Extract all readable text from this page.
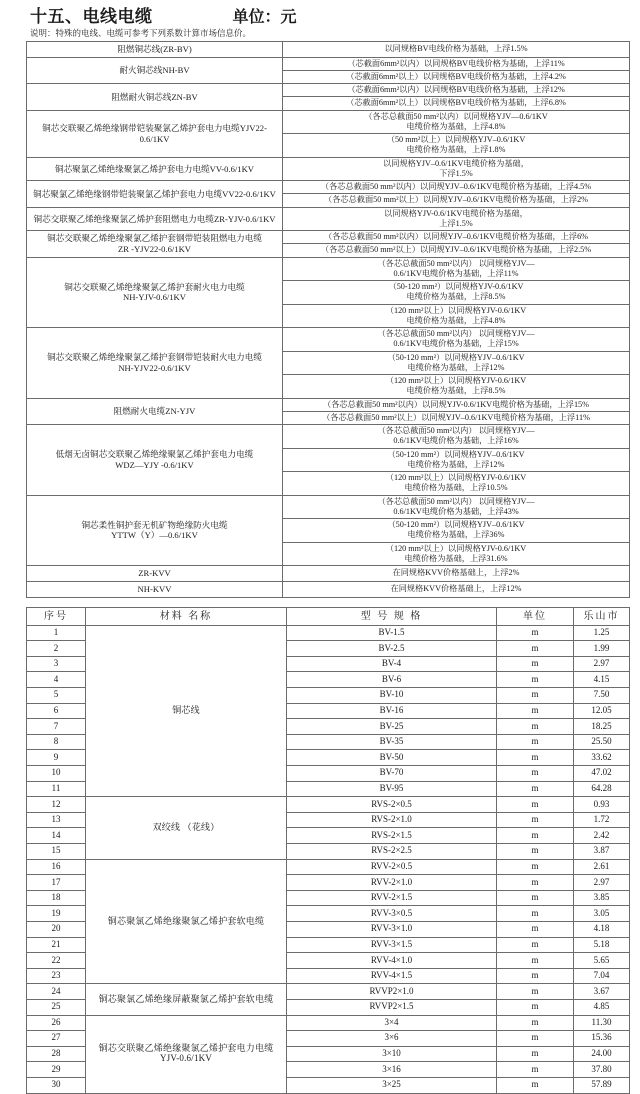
十五、电线电缆	单位：元
说明：特殊的电线、电缆可参考下列系数计算市场信息价。
阻燃铜芯线(ZR-BV)	以同规格BV电线价格为基础，上浮1.5%
耐火铜芯线NH-BV	（芯截面6mm²以内）以同规格BV电线价格为基础，上浮11%
	（芯截面6mm²以上）以同规格BV电线价格为基础，上浮4.2%
阻燃耐火铜芯线ZN-BV	（芯截面6mm²以内）以同规格BV电线价格为基础，上浮12%
	（芯截面6mm²以上）以同规格BV电线价格为基础，上浮6.8%
铜芯交联聚乙烯绝缘钢带铠装聚氯乙烯护套电力电缆YJV22-0.6/1KV	（各芯总截面50 mm²以内）以同规格YJV—0.6/1KV
电缆价格为基础，上浮4.8%
	（50 mm²以上）以同规格YJV–0.6/1KV
电缆价格为基础，上浮1.8%
铜芯聚氯乙烯绝缘聚氯乙烯护套电力电缆VV-0.6/1KV	以同规格YJV–0.6/1KV电缆价格为基础，
下浮1.5%
铜芯聚氯乙烯绝缘钢带铠装聚氯乙烯护套电力电缆VV22-0.6/1KV	（各芯总截面50 mm²以内）以同规YJV–0.6/1KV电缆价格为基础，上浮4.5%
	（各芯总截面50 mm²以上）以同规YJV–0.6/1KV电缆价格为基础，上浮2%
铜芯交联聚乙烯绝缘聚氯乙烯护套阻燃电力电缆ZR-YJV-0.6/1KV	以同规格YJV-0.6/1KV电缆价格为基础，
上浮1.5%
铜芯交联聚乙烯绝缘聚氯乙烯护套钢带铠装阻燃电力电缆
ZR -YJV22-0.6/1KV	（各芯总截面50 mm²以内）以同规YJV–0.6/1KV电缆价格为基础，上浮6%
	（各芯总截面50 mm²以上）以同规YJV–0.6/1KV电缆价格为基础，上浮2.5%
铜芯交联聚乙烯绝缘聚氯乙烯护套耐火电力电缆
NH-YJV-0.6/1KV	（各芯总截面50 mm²以内） 以同规格YJV—
0.6/1KV电缆价格为基础，上浮11%
	（50-120 mm²）以同规格YJV-0.6/1KV
电缆价格为基础，上浮8.5%
	（120 mm²以上）以同规格YJV-0.6/1KV
电缆价格为基础，上浮4.8%
铜芯交联聚乙烯绝缘聚氯乙烯护套钢带铠装耐火电力电缆
NH-YJV22-0.6/1KV	（各芯总截面50 mm²以内） 以同规格YJV—
0.6/1KV电缆价格为基础，上浮15%
	（50-120 mm²）以同规格YJV–0.6/1KV
电缆价格为基础，上浮12%
	（120 mm²以上）以同规格YJV-0.6/1KV
电缆价格为基础，上浮8.5%
阻燃耐火电缆ZN-YJV	（各芯总截面50 mm²以内）以同规YJV-0.6/1KV电缆价格为基础，上浮15%
	（各芯总截面50 mm²以上）以同规YJV–0.6/1KV电缆价格为基础，上浮11%
低烟无卤铜芯交联聚乙烯绝缘聚氯乙烯护套电力电缆
WDZ—YJY -0.6/1KV	（各芯总截面50 mm²以内） 以同规格YJV—
0.6/1KV电缆价格为基础，上浮16%
	（50-120 mm²）以同规格YJV–0.6/1KV
电缆价格为基础，上浮12%
	（120 mm²以上）以同规格YJV-0.6/1KV
电缆价格为基础，上浮10.5%
铜芯柔性铜护套无机矿物绝缘防火电缆
YTTW（Y）—0.6/1KV	（各芯总截面50 mm²以内） 以同规格YJV—
0.6/1KV电缆价格为基础，上浮43%
	（50-120 mm²）以同规格YJV–0.6/1KV
电缆价格为基础，上浮36%
	（120 mm²以上）以同规格YJV-0.6/1KV
电缆价格为基础，上浮31.6%
ZR-KVV	在同规格KVV价格基础上，上浮2%
NH-KVV	在同规格KVV价格基础上，上浮12%
序号	材料 名称	型 号 规 格	单位	乐山市
1	铜芯线	BV-1.5	m	1.25
2		BV-2.5	m	1.99
3		BV-4	m	2.97
4		BV-6	m	4.15
5		BV-10	m	7.50
6		BV-16	m	12.05
7		BV-25	m	18.25
8		BV-35	m	25.50
9		BV-50	m	33.62
10		BV-70	m	47.02
11		BV-95	m	64.28
12	双绞线 （花线）	RVS-2×0.5	m	0.93
13		RVS-2×1.0	m	1.72
14		RVS-2×1.5	m	2.42
15		RVS-2×2.5	m	3.87
16	铜芯聚氯乙烯绝缘聚氯乙烯护套软电缆	RVV-2×0.5	m	2.61
17		RVV-2×1.0	m	2.97
18		RVV-2×1.5	m	3.85
19		RVV-3×0.5	m	3.05
20		RVV-3×1.0	m	4.18
21		RVV-3×1.5	m	5.18
22		RVV-4×1.0	m	5.65
23		RVV-4×1.5	m	7.04
24	铜芯聚氯乙烯绝缘屏蔽聚氯乙烯护套软电缆	RVVP2×1.0	m	3.67
25		RVVP2×1.5	m	4.85
26	铜芯交联聚乙烯绝缘聚氯乙烯护套电力电缆
YJV-0.6/1KV	3×4	m	11.30
27		3×6	m	15.36
28		3×10	m	24.00
29		3×16	m	37.80
30		3×25	m	57.89
